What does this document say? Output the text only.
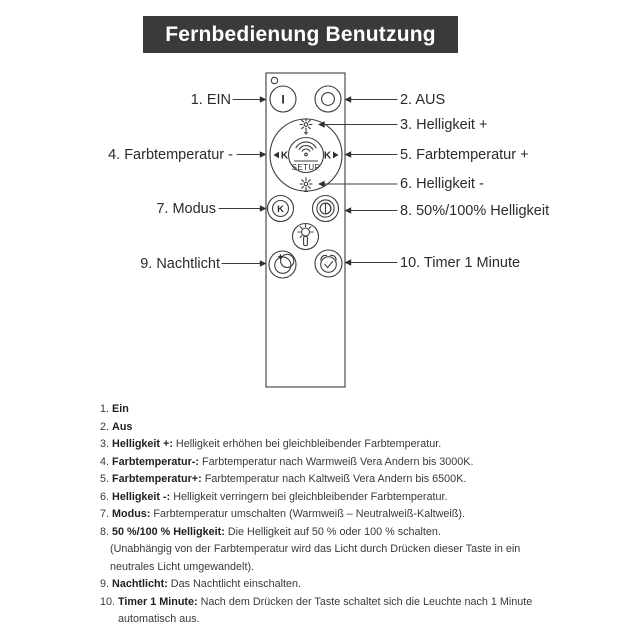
Fernbedienung Benutzung
I
SETUP
K	K
K
1. EIN
4. Farbtemperatur -
7. Modus
9. Nachtlicht
2. AUS
3. Helligkeit +
5. Farbtemperatur +
6. Helligkeit -
8. 50%/100% Helligkeit
10. Timer 1 Minute
1. Ein
2. Aus
3. Helligkeit +: Helligkeit erhöhen bei gleichbleibender Farbtemperatur.
4. Farbtemperatur-: Farbtemperatur nach Warmweiß Vera Andern bis 3000K.
5. Farbtemperatur+: Farbtemperatur nach Kaltweiß Vera Andern bis 6500K.
6. Helligkeit -: Helligkeit verringern bei gleichbleibender Farbtemperatur.
7. Modus: Farbtemperatur umschalten (Warmweiß – Neutralweiß-Kaltweiß).
8. 50 %/100 % Helligkeit: Die Helligkeit auf 50 % oder 100 % schalten.
(Unabhängig von der Farbtemperatur wird das Licht durch Drücken dieser Taste in ein
neutrales Licht umgewandelt).
9. Nachtlicht: Das Nachtlicht einschalten.
10. Timer 1 Minute: Nach dem Drücken der Taste schaltet sich die Leuchte nach 1 Minute
automatisch aus.
